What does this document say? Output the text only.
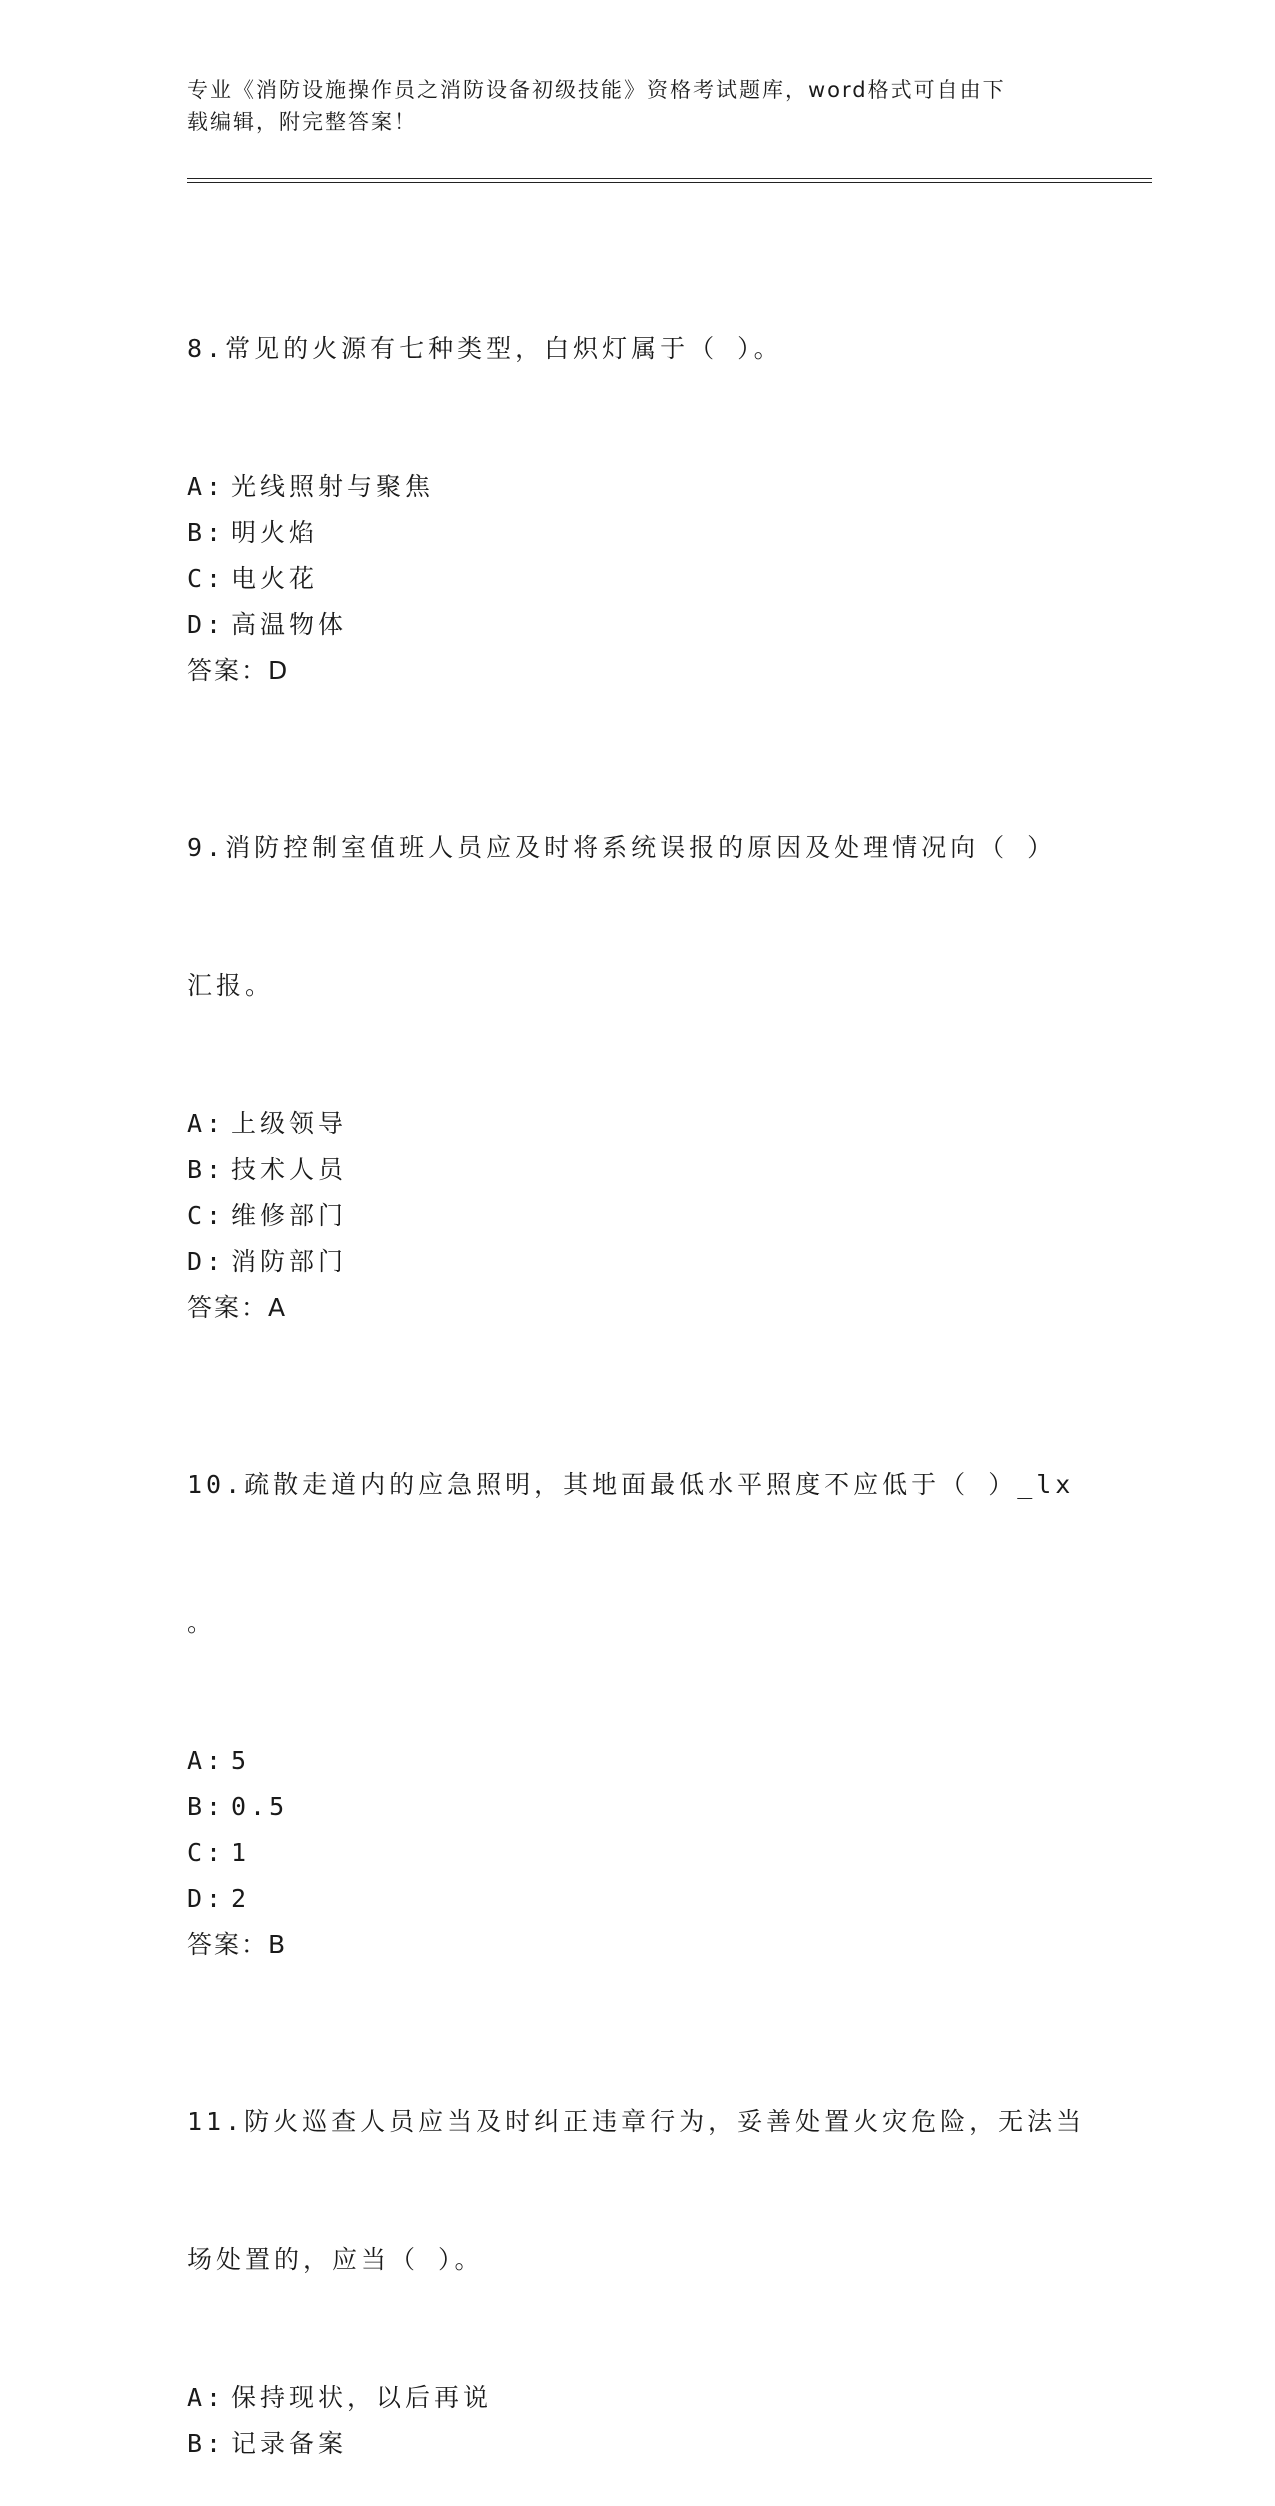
专业《消防设施操作员之消防设备初级技能》资格考试题库，word格式可自由下
载编辑，附完整答案！

8.常见的火源有七种类型，白炽灯属于（ ）。

A: 光线照射与聚焦
B: 明火焰
C: 电火花
D: 高温物体
答案：D

9.消防控制室值班人员应及时将系统误报的原因及处理情况向（ ）

汇报。

A: 上级领导
B: 技术人员
C: 维修部门
D: 消防部门
答案：A

10.疏散走道内的应急照明，其地面最低水平照度不应低于（ ）_lx

。

A: 5
B: 0.5
C: 1
D: 2
答案：B

11.防火巡查人员应当及时纠正违章行为，妥善处置火灾危险，无法当

场处置的，应当（ ）。

A: 保持现状，以后再说
B: 记录备案
